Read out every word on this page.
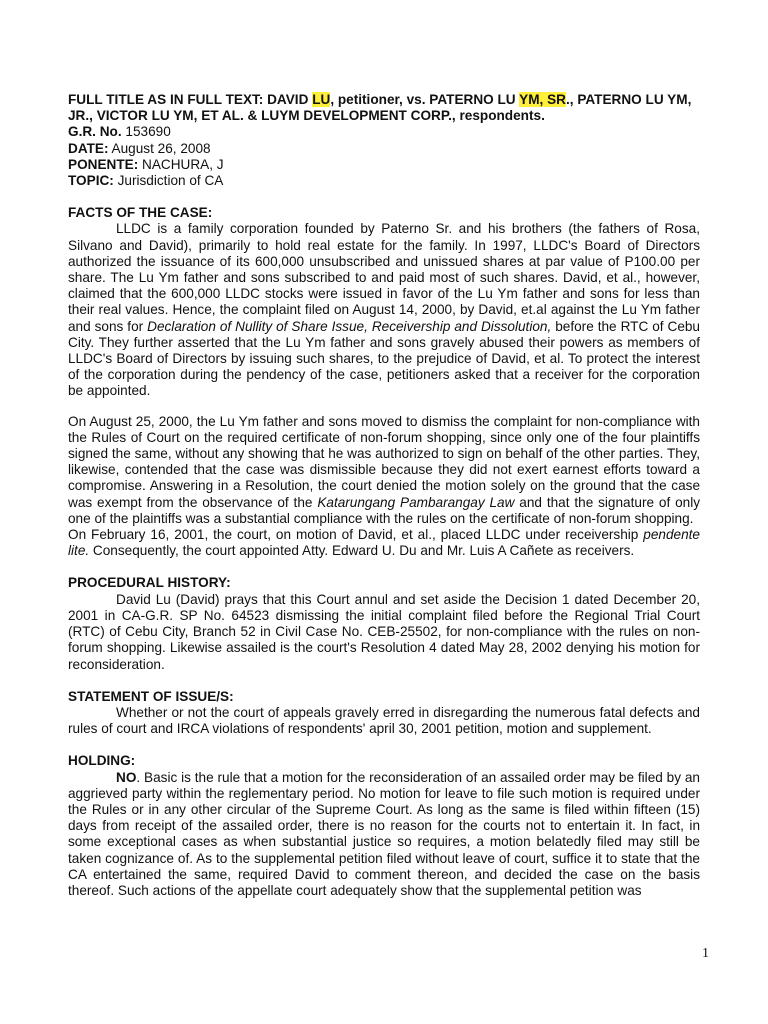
FULL TITLE AS IN FULL TEXT: DAVID LU, petitioner, vs. PATERNO LU YM, SR., PATERNO LU YM, JR., VICTOR LU YM, ET AL. & LUYM DEVELOPMENT CORP., respondents.
G.R. No. 153690
DATE: August 26, 2008
PONENTE: NACHURA, J
TOPIC: Jurisdiction of CA
FACTS OF THE CASE:
LLDC is a family corporation founded by Paterno Sr. and his brothers (the fathers of Rosa, Silvano and David), primarily to hold real estate for the family. In 1997, LLDC's Board of Directors authorized the issuance of its 600,000 unsubscribed and unissued shares at par value of P100.00 per share. The Lu Ym father and sons subscribed to and paid most of such shares. David, et al., however, claimed that the 600,000 LLDC stocks were issued in favor of the Lu Ym father and sons for less than their real values. Hence, the complaint filed on August 14, 2000, by David, et.al against the Lu Ym father and sons for Declaration of Nullity of Share Issue, Receivership and Dissolution, before the RTC of Cebu City. They further asserted that the Lu Ym father and sons gravely abused their powers as members of LLDC's Board of Directors by issuing such shares, to the prejudice of David, et al. To protect the interest of the corporation during the pendency of the case, petitioners asked that a receiver for the corporation be appointed.
On August 25, 2000, the Lu Ym father and sons moved to dismiss the complaint for non-compliance with the Rules of Court on the required certificate of non-forum shopping, since only one of the four plaintiffs signed the same, without any showing that he was authorized to sign on behalf of the other parties. They, likewise, contended that the case was dismissible because they did not exert earnest efforts toward a compromise. Answering in a Resolution, the court denied the motion solely on the ground that the case was exempt from the observance of the Katarungang Pambarangay Law and that the signature of only one of the plaintiffs was a substantial compliance with the rules on the certificate of non-forum shopping.
On February 16, 2001, the court, on motion of David, et al., placed LLDC under receivership pendente lite. Consequently, the court appointed Atty. Edward U. Du and Mr. Luis A Cañete as receivers.
PROCEDURAL HISTORY:
David Lu (David) prays that this Court annul and set aside the Decision 1 dated December 20, 2001 in CA-G.R. SP No. 64523 dismissing the initial complaint filed before the Regional Trial Court (RTC) of Cebu City, Branch 52 in Civil Case No. CEB-25502, for non-compliance with the rules on non-forum shopping. Likewise assailed is the court's Resolution 4 dated May 28, 2002 denying his motion for reconsideration.
STATEMENT OF ISSUE/S:
Whether or not the court of appeals gravely erred in disregarding the numerous fatal defects and rules of court and IRCA violations of respondents' april 30, 2001 petition, motion and supplement.
HOLDING:
NO. Basic is the rule that a motion for the reconsideration of an assailed order may be filed by an aggrieved party within the reglementary period. No motion for leave to file such motion is required under the Rules or in any other circular of the Supreme Court. As long as the same is filed within fifteen (15) days from receipt of the assailed order, there is no reason for the courts not to entertain it. In fact, in some exceptional cases as when substantial justice so requires, a motion belatedly filed may still be taken cognizance of. As to the supplemental petition filed without leave of court, suffice it to state that the CA entertained the same, required David to comment thereon, and decided the case on the basis thereof. Such actions of the appellate court adequately show that the supplemental petition was
1
